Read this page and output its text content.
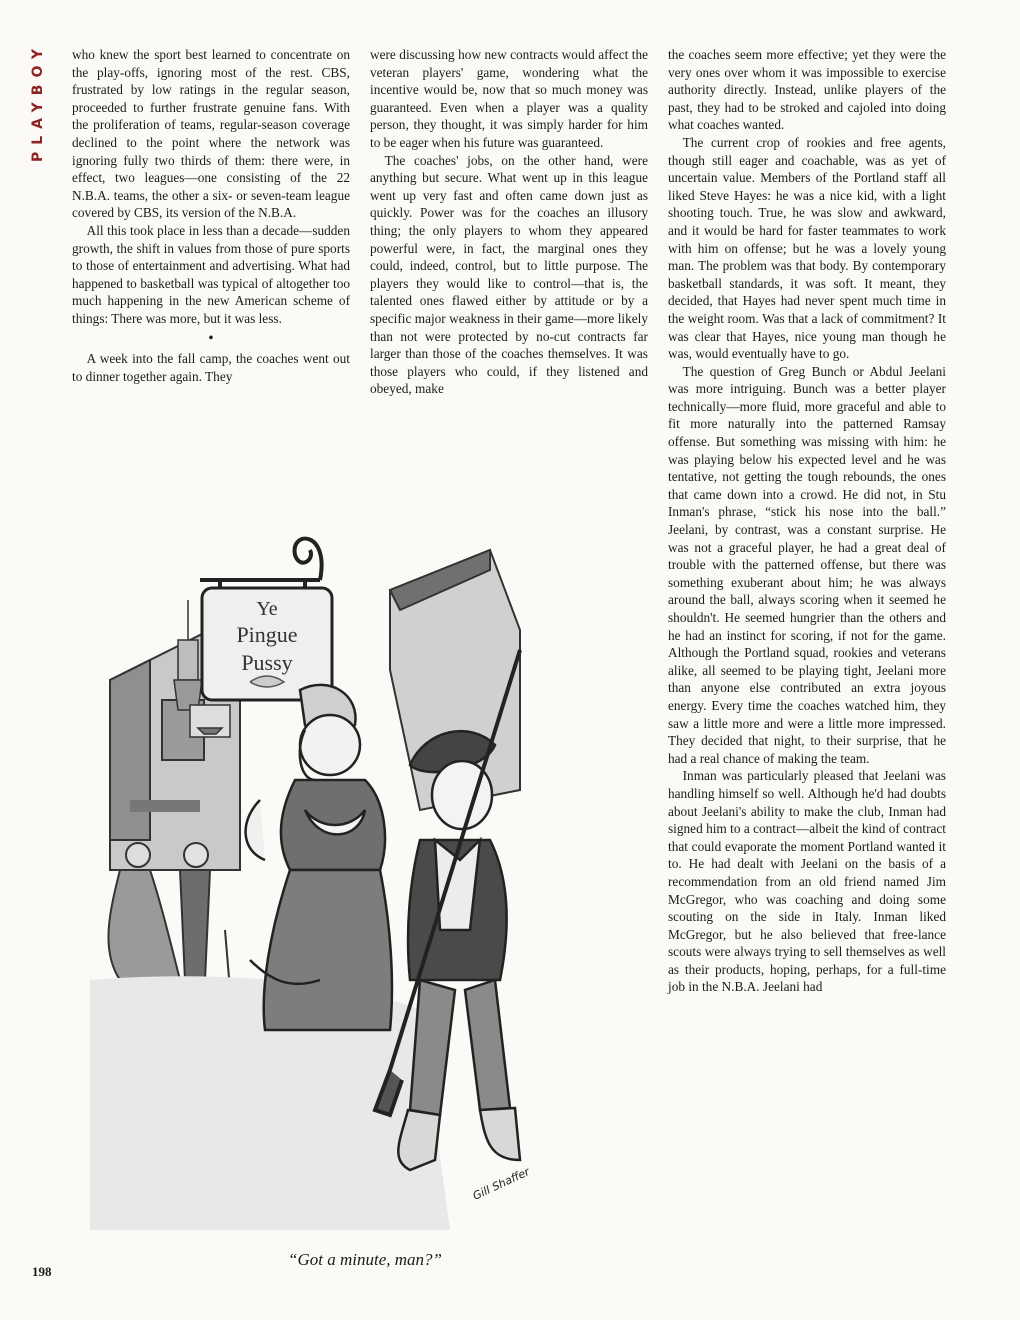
PLAYBOY who knew the sport best learned to concentrate on the play-offs, ignoring most of the rest. CBS, frustrated by low ratings in the regular season, proceeded to further frustrate genuine fans. With the proliferation of teams, regular-season coverage declined to the point where the network was ignoring fully two thirds of them: there were, in effect, two leagues—one consisting of the 22 N.B.A. teams, the other a six- or seven-team league covered by CBS, its version of the N.B.A.

All this took place in less than a decade—sudden growth, the shift in values from those of pure sports to those of entertainment and advertising. What had happened to basketball was typical of altogether too much happening in the new American scheme of things: There was more, but it was less.

•

A week into the fall camp, the coaches went out to dinner together again. They

were discussing how new contracts would affect the veteran players' game, wondering what the incentive would be, now that so much money was guaranteed. Even when a player was a quality person, they thought, it was simply harder for him to be eager when his future was guaranteed.

The coaches' jobs, on the other hand, were anything but secure. What went up in this league went up very fast and often came down just as quickly. Power was for the coaches an illusory thing; the only players to whom they appeared powerful were, in fact, the marginal ones they could, indeed, control, but to little purpose. The players they would like to control—that is, the talented ones flawed either by attitude or by a specific major weakness in their game—more likely than not were protected by no-cut contracts far larger than those of the coaches themselves. It was those players who could, if they listened and obeyed, make

the coaches seem more effective; yet they were the very ones over whom it was impossible to exercise authority directly. Instead, unlike players of the past, they had to be stroked and cajoled into doing what coaches wanted.

The current crop of rookies and free agents, though still eager and coachable, was as yet of uncertain value. Members of the Portland staff all liked Steve Hayes: he was a nice kid, with a light shooting touch. True, he was slow and awkward, and it would be hard for faster teammates to work with him on offense; but he was a lovely young man. The problem was that body. By contemporary basketball standards, it was soft. It meant, they decided, that Hayes had never spent much time in the weight room. Was that a lack of commitment? It was clear that Hayes, nice young man though he was, would eventually have to go.

The question of Greg Bunch or Abdul Jeelani was more intriguing. Bunch was a better player technically—more fluid, more graceful and able to fit more naturally into the patterned Ramsay offense. But something was missing with him: he was playing below his expected level and he was tentative, not getting the tough rebounds, the ones that came down into a crowd. He did not, in Stu Inman's phrase, “stick his nose into the ball.” Jeelani, by contrast, was a constant surprise. He was not a graceful player, he had a great deal of trouble with the patterned offense, but there was something exuberant about him; he was always around the ball, always scoring when it seemed he shouldn't. He seemed hungrier than the others and he had an instinct for scoring, if not for the game. Although the Portland squad, rookies and veterans alike, all seemed to be playing tight, Jeelani more than anyone else contributed an extra joyous energy. Every time the coaches watched him, they saw a little more and were a little more impressed. They decided that night, to their surprise, that he had a real chance of making the team.

Inman was particularly pleased that Jeelani was handling himself so well. Although he'd had doubts about Jeelani's ability to make the club, Inman had signed him to a contract—albeit the kind of contract that could evaporate the moment Portland wanted it to. He had dealt with Jeelani on the basis of a recommendation from an old friend named Jim McGregor, who was coaching and doing some scouting on the side in Italy. Inman liked McGregor, but he also believed that free-lance scouts were always trying to sell themselves as well as their products, hoping, perhaps, for a full-time job in the N.B.A. Jeelani had

Ye
Pingue
Pussy
Gill Shaffer
“Got a minute, man?”
198
